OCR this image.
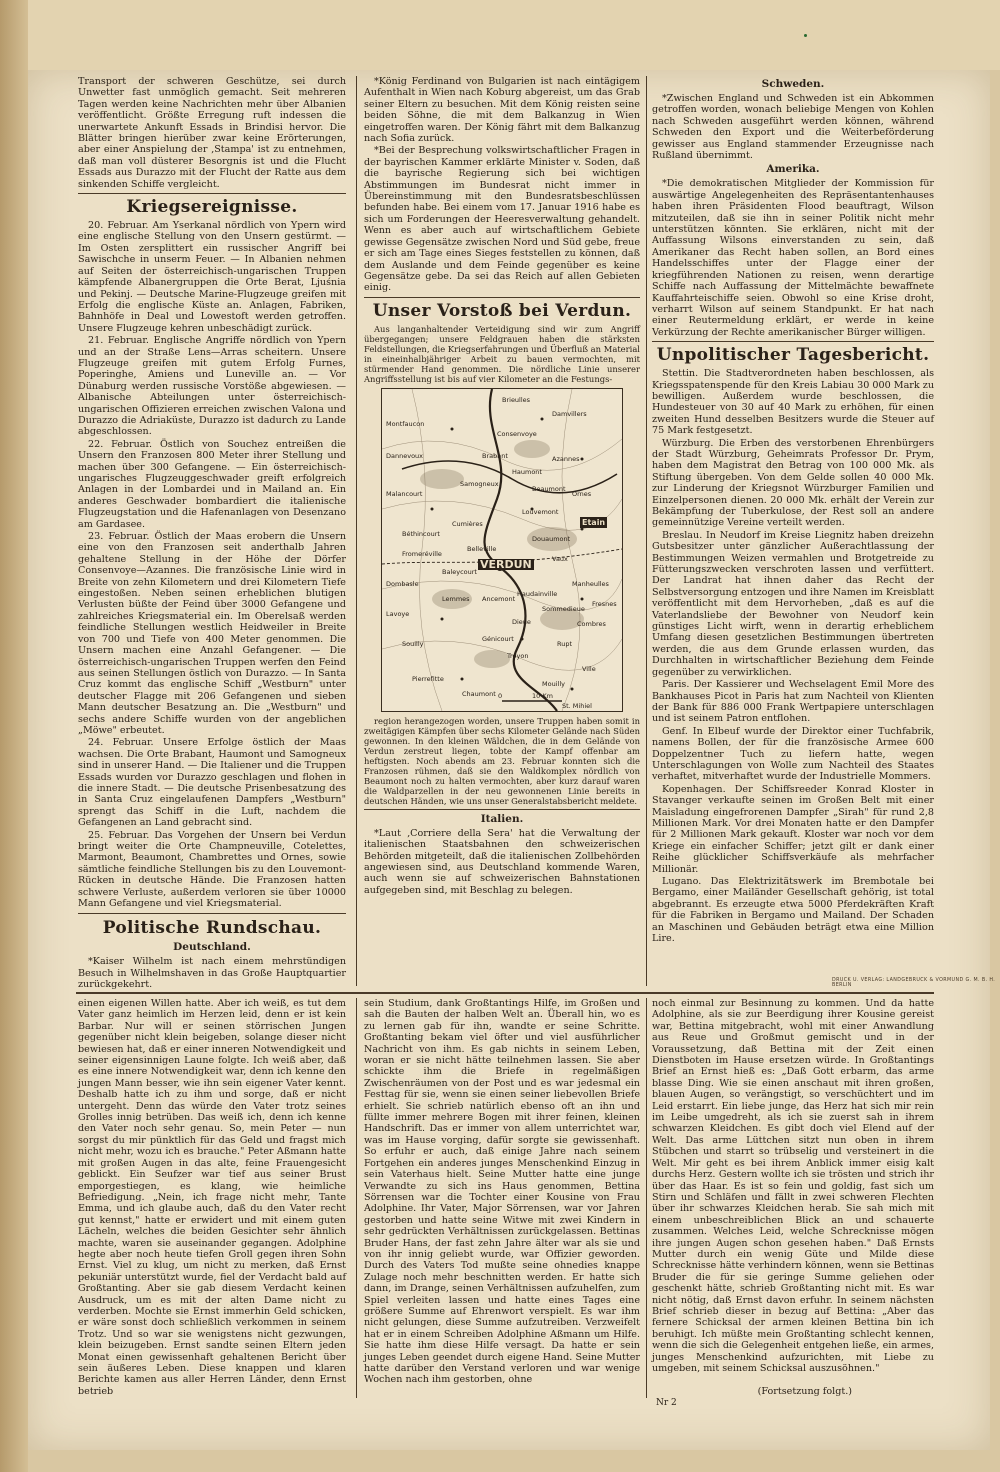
Transport der schweren Geschütze, sei durch Unwetter fast unmöglich gemacht. Seit mehreren Tagen werden keine Nachrichten mehr über Albanien veröffentlicht. Größte Erregung ruft indessen die unerwartete Ankunft Essads in Brindisi hervor. Die Blätter bringen hierüber zwar keine Erörterungen, aber einer Anspielung der ‚Stampa' ist zu entnehmen, daß man voll düsterer Besorgnis ist und die Flucht Essads aus Durazzo mit der Flucht der Ratte aus dem sinkenden Schiffe vergleicht.

Kriegsereignisse.

20. Februar. Am Yserkanal nördlich von Ypern wird eine englische Stellung von den Unsern gestürmt. — Im Osten zersplittert ein russischer Angriff bei Sawischche in unserm Feuer. — In Albanien nehmen auf Seiten der österreichisch-ungarischen Truppen kämpfende Albanergruppen die Orte Berat, Ljuśnia und Pekinj. — Deutsche Marine-Flugzeuge greifen mit Erfolg die englische Küste an. Anlagen, Fabriken, Bahnhöfe in Deal und Lowestoft werden getroffen. Unsere Flugzeuge kehren unbeschädigt zurück.

21. Februar. Englische Angriffe nördlich von Ypern und an der Straße Lens—Arras scheitern. Unsere Flugzeuge greifen mit gutem Erfolg Furnes, Poperinghe, Amiens und Luneville an. — Vor Dünaburg werden russische Vorstöße abgewiesen. — Albanische Abteilungen unter österreichisch-ungarischen Offizieren erreichen zwischen Valona und Durazzo die Adriaküste, Durazzo ist dadurch zu Lande abgeschlossen.

22. Februar. Östlich von Souchez entreißen die Unsern den Franzosen 800 Meter ihrer Stellung und machen über 300 Gefangene. — Ein österreichisch-ungarisches Flugzeuggeschwader greift erfolgreich Anlagen in der Lombardei und in Mailand an. Ein anderes Geschwader bombardiert die italienische Flugzeugstation und die Hafenanlagen von Desenzano am Gardasee.

23. Februar. Östlich der Maas erobern die Unsern eine von den Franzosen seit anderthalb Jahren gehaltene Stellung in der Höhe der Dörfer Consenvoye—Azannes. Die französische Linie wird in Breite von zehn Kilometern und drei Kilometern Tiefe eingestoßen. Neben seinen erheblichen blutigen Verlusten büßte der Feind über 3000 Gefangene und zahlreiches Kriegsmaterial ein. Im Oberelsaß werden feindliche Stellungen westlich Heidweiler in Breite von 700 und Tiefe von 400 Meter genommen. Die Unsern machen eine Anzahl Gefangener. — Die österreichisch-ungarischen Truppen werfen den Feind aus seinen Stellungen östlich von Durazzo. — In Santa Cruz kommt das englische Schiff „Westburn" unter deutscher Flagge mit 206 Gefangenen und sieben Mann deutscher Besatzung an. Die „Westburn" und sechs andere Schiffe wurden von der angeblichen „Möwe" erbeutet.

24. Februar. Unsere Erfolge östlich der Maas wachsen. Die Orte Brabant, Haumont und Samogneux sind in unserer Hand. — Die Italiener und die Truppen Essads wurden vor Durazzo geschlagen und flohen in die innere Stadt. — Die deutsche Prisenbesatzung des in Santa Cruz eingelaufenen Dampfers „Westburn" sprengt das Schiff in die Luft, nachdem die Gefangenen an Land gebracht sind.

25. Februar. Das Vorgehen der Unsern bei Verdun bringt weiter die Orte Champneuville, Cotelettes, Marmont, Beaumont, Chambrettes und Ornes, sowie sämtliche feindliche Stellungen bis zu den Louvemont-Rücken in deutsche Hände. Die Franzosen hatten schwere Verluste, außerdem verloren sie über 10000 Mann Gefangene und viel Kriegsmaterial.

Politische Rundschau.
Deutschland.

*Kaiser Wilhelm ist nach einem mehrstündigen Besuch in Wilhelmshaven in das Große Hauptquartier zurückgekehrt.

*König Ferdinand von Bulgarien ist nach eintägigem Aufenthalt in Wien nach Koburg abgereist, um das Grab seiner Eltern zu besuchen. Mit dem König reisten seine beiden Söhne, die mit dem Balkanzug in Wien eingetroffen waren. Der König fährt mit dem Balkanzug nach Sofia zurück.

*Bei der Besprechung volkswirtschaftlicher Fragen in der bayrischen Kammer erklärte Minister v. Soden, daß die bayrische Regierung sich bei wichtigen Abstimmungen im Bundesrat nicht immer in Übereinstimmung mit den Bundesratsbeschlüssen befunden habe. Bei einem vom 17. Januar 1916 habe es sich um Forderungen der Heeresverwaltung gehandelt. Wenn es aber auch auf wirtschaftlichem Gebiete gewisse Gegensätze zwischen Nord und Süd gebe, freue er sich am Tage eines Sieges feststellen zu können, daß dem Auslande und dem Feinde gegenüber es keine Gegensätze gebe. Da sei das Reich auf allen Gebieten einig.

Unser Vorstoß bei Verdun.

Aus langanhaltender Verteidigung sind wir zum Angriff übergegangen; unsere Feldgrauen haben die stärksten Feldstellungen, die Kriegserfahrungen und Überfluß an Material in eineinhalbjähriger Arbeit zu bauen vermochten, mit stürmender Hand genommen. Die nördliche Linie unserer Angriffsstellung ist bis auf vier Kilometer an die Festungs-

Brieulles
Ornes
Damvillers
Consenvoye
Azannes
Dannevoux	Brabant
Haumont
Samogneux
Beaumont
Louvemont
Montfaucon
Etain
Malancourt
Béthincourt
Cumières
Douaumont
Vaux
Fromeréville
Belleville
Haudainville
Sommedieue
Dieue
Génicourt
Souilly
Troyon
Rupt
Combres
Manheulles
Fresnes
Ancemont
Lemmes
Ville
Baleycourt
Chaumont
St. Mihiel
Mouilly
Lavoye
Pierrefitte
Dombasle
VERDUN
0	10 Km

region herangezogen worden, unsere Truppen haben somit in zweitägigen Kämpfen über sechs Kilometer Gelände nach Süden gewonnen. In den kleinen Wäldchen, die in dem Gelände von Verdun zerstreut liegen, tobte der Kampf offenbar am heftigsten. Noch abends am 23. Februar konnten sich die Franzosen rühmen, daß sie den Waldkomplex nördlich von Beaumont noch zu halten vermochten, aber kurz darauf waren die Waldparzellen in der neu gewonnenen Linie bereits in deutschen Händen, wie uns unser Generalstabsbericht meldete.

Italien.

*Laut ‚Corriere della Sera' hat die Verwaltung der italienischen Staatsbahnen den schweizerischen Behörden mitgeteilt, daß die italienischen Zollbehörden angewiesen sind, aus Deutschland kommende Waren, auch wenn sie auf schweizerischen Bahnstationen aufgegeben sind, mit Beschlag zu belegen.

Schweden.

*Zwischen England und Schweden ist ein Abkommen getroffen worden, wonach beliebige Mengen von Kohlen nach Schweden ausgeführt werden können, während Schweden den Export und die Weiterbeförderung gewisser aus England stammender Erzeugnisse nach Rußland übernimmt.

Amerika.

*Die demokratischen Mitglieder der Kommission für auswärtige Angelegenheiten des Repräsentantenhauses haben ihren Präsidenten Flood beauftragt, Wilson mitzuteilen, daß sie ihn in seiner Politik nicht mehr unterstützen könnten. Sie erklären, nicht mit der Auffassung Wilsons einverstanden zu sein, daß Amerikaner das Recht haben sollen, an Bord eines Handelsschiffes unter der Flagge einer der kriegführenden Nationen zu reisen, wenn derartige Schiffe nach Auffassung der Mittelmächte bewaffnete Kauffahrteischiffe seien. Obwohl so eine Krise droht, verharrt Wilson auf seinem Standpunkt. Er hat nach einer Reutermeldung erklärt, er werde in keine Verkürzung der Rechte amerikanischer Bürger willigen.

Unpolitischer Tagesbericht.

Stettin. Die Stadtverordneten haben beschlossen, als Kriegsspatenspende für den Kreis Labiau 30 000 Mark zu bewilligen. Außerdem wurde beschlossen, die Hundesteuer von 30 auf 40 Mark zu erhöhen, für einen zweiten Hund desselben Besitzers wurde die Steuer auf 75 Mark festgesetzt.

Würzburg. Die Erben des verstorbenen Ehrenbürgers der Stadt Würzburg, Geheimrats Professor Dr. Prym, haben dem Magistrat den Betrag von 100 000 Mk. als Stiftung übergeben. Von dem Gelde sollen 40 000 Mk. zur Linderung der Kriegsnot Würzburger Familien und Einzelpersonen dienen. 20 000 Mk. erhält der Verein zur Bekämpfung der Tuberkulose, der Rest soll an andere gemeinnützige Vereine verteilt werden.

Breslau. In Neudorf im Kreise Liegnitz haben dreizehn Gutsbesitzer unter gänzlicher Außerachtlassung der Bestimmungen Weizen vermahlen und Brotgetreide zu Fütterungszwecken verschroten lassen und verfüttert. Der Landrat hat ihnen daher das Recht der Selbstversorgung entzogen und ihre Namen im Kreisblatt veröffentlicht mit dem Hervorheben, „daß es auf die Vaterlandsliebe der Bewohner von Neudorf kein günstiges Licht wirft, wenn in derartig erheblichem Umfang diesen gesetzlichen Bestimmungen übertreten werden, die aus dem Grunde erlassen wurden, das Durchhalten in wirtschaftlicher Beziehung dem Feinde gegenüber zu verwirklichen.

Paris. Der Kassierer und Wechselagent Emil More des Bankhauses Picot in Paris hat zum Nachteil von Klienten der Bank für 886 000 Frank Wertpapiere unterschlagen und ist seinem Patron entflohen.

Genf. In Elbeuf wurde der Direktor einer Tuchfabrik, namens Bollen, der für die französische Armee 600 Doppelzentner Tuch zu liefern hatte, wegen Unterschlagungen von Wolle zum Nachteil des Staates verhaftet, mitverhaftet wurde der Industrielle Mommers.

Kopenhagen. Der Schiffsreeder Konrad Kloster in Stavanger verkaufte seinen im Großen Belt mit einer Maisladung eingefrorenen Dampfer „Sirah" für rund 2,8 Millionen Mark. Vor drei Monaten hatte er den Dampfer für 2 Millionen Mark gekauft. Kloster war noch vor dem Kriege ein einfacher Schiffer; jetzt gilt er dank einer Reihe glücklicher Schiffsverkäufe als mehrfacher Millionär.

Lugano. Das Elektrizitätswerk im Brembotale bei Bergamo, einer Mailänder Gesellschaft gehörig, ist total abgebrannt. Es erzeugte etwa 5000 Pferdekräften Kraft für die Fabriken in Bergamo und Mailand. Der Schaden an Maschinen und Gebäuden beträgt etwa eine Million Lire.

DRUCK U. VERLAG: LANDGEBRUCK & VORMUND G. M. B. H. BERLIN

einen eigenen Willen hatte. Aber ich weiß, es tut dem Vater ganz heimlich im Herzen leid, denn er ist kein Barbar. Nur will er seinen störrischen Jungen gegenüber nicht klein beigeben, solange dieser nicht bewiesen hat, daß er einer inneren Notwendigkeit und seiner eigensinnigen Laune folgte. Ich weiß aber, daß es eine innere Notwendigkeit war, denn ich kenne den jungen Mann besser, wie ihn sein eigener Vater kennt. Deshalb hatte ich zu ihm und sorge, daß er nicht untergeht. Denn das würde den Vater trotz seines Grolles innig betrüben. Das weiß ich, denn ich kenne den Vater noch sehr genau. So, mein Peter — nun sorgst du mir pünktlich für das Geld und fragst mich nicht mehr, wozu ich es brauche." Peter Aßmann hatte mit großen Augen in das alte, feine Frauengesicht geblickt. Ein Seufzer war tief aus seiner Brust emporgestiegen, es klang, wie heimliche Befriedigung. „Nein, ich frage nicht mehr, Tante Emma, und ich glaube auch, daß du den Vater recht gut kennst," hatte er erwidert und mit einem guten Lächeln, welches die beiden Gesichter sehr ähnlich machte, waren sie auseinander gegangen. Adolphine hegte aber noch heute tiefen Groll gegen ihren Sohn Ernst. Viel zu klug, um nicht zu merken, daß Ernst pekuniär unterstützt wurde, fiel der Verdacht bald auf Großtanting. Aber sie gab diesem Verdacht keinen Ausdruck, um es mit der alten Dame nicht zu verderben. Mochte sie Ernst immerhin Geld schicken, er wäre sonst doch schließlich verkommen in seinem Trotz. Und so war sie wenigstens nicht gezwungen, klein beizugeben. Ernst sandte seinen Eltern jeden Monat einen gewissenhaft gehaltenen Bericht über sein äußeres Leben. Diese knappen und klaren Berichte kamen aus aller Herren Länder, denn Ernst betrieb

sein Studium, dank Großtantings Hilfe, im Großen und sah die Bauten der halben Welt an. Überall hin, wo es zu lernen gab für ihn, wandte er seine Schritte. Großtanting bekam viel öfter und viel ausführlicher Nachricht von ihm. Es gab nichts in seinem Leben, woran er sie nicht hätte teilnehmen lassen. Sie aber schickte ihm die Briefe in regelmäßigen Zwischenräumen von der Post und es war jedesmal ein Festtag für sie, wenn sie einen seiner liebevollen Briefe erhielt. Sie schrieb natürlich ebenso oft an ihn und füllte immer mehrere Bogen mit ihrer feinen, kleinen Handschrift. Das er immer von allem unterrichtet war, was im Hause vorging, dafür sorgte sie gewissenhaft. So erfuhr er auch, daß einige Jahre nach seinem Fortgehen ein anderes junges Menschenkind Einzug in sein Vaterhaus hielt. Seine Mutter hatte eine junge Verwandte zu sich ins Haus genommen, Bettina Sörrensen war die Tochter einer Kousine von Frau Adolphine. Ihr Vater, Major Sörrensen, war vor Jahren gestorben und hatte seine Witwe mit zwei Kindern in sehr gedrückten Verhältnissen zurückgelassen. Bettinas Bruder Hans, der fast zehn Jahre älter war als sie und von ihr innig geliebt wurde, war Offizier geworden. Durch des Vaters Tod mußte seine ohnedies knappe Zulage noch mehr beschnitten werden. Er hatte sich dann, im Drange, seinen Verhältnissen aufzuhelfen, zum Spiel verleiten lassen und hatte eines Tages eine größere Summe auf Ehrenwort verspielt. Es war ihm nicht gelungen, diese Summe aufzutreiben. Verzweifelt hat er in einem Schreiben Adolphine Aßmann um Hilfe. Sie hatte ihm diese Hilfe versagt. Da hatte er sein junges Leben geendet durch eigene Hand. Seine Mutter hatte darüber den Verstand verloren und war wenige Wochen nach ihm gestorben, ohne

noch einmal zur Besinnung zu kommen. Und da hatte Adolphine, als sie zur Beerdigung ihrer Kousine gereist war, Bettina mitgebracht, wohl mit einer Anwandlung aus Reue und Großmut gemischt und in der Voraussetzung, daß Bettina mit der Zeit einen Dienstboten im Hause ersetzen würde. In Großtantings Brief an Ernst hieß es: „Daß Gott erbarm, das arme blasse Ding. Wie sie einen anschaut mit ihren großen, blauen Augen, so verängstigt, so verschüchtert und im Leid erstarrt. Ein liebe junge, das Herz hat sich mir rein im Leibe umgedreht, als ich sie zuerst sah in ihrem schwarzen Kleidchen. Es gibt doch viel Elend auf der Welt. Das arme Lüttchen sitzt nun oben in ihrem Stübchen und starrt so trübselig und versteinert in die Welt. Mir geht es bei ihrem Anblick immer eisig kalt durchs Herz. Gestern wollte ich sie trösten und strich ihr über das Haar. Es ist so fein und goldig, fast sich um Stirn und Schläfen und fällt in zwei schweren Flechten über ihr schwarzes Kleidchen herab. Sie sah mich mit einem unbeschreiblichen Blick an und schauerte zusammen. Welches Leid, welche Schrecknisse mögen ihre jungen Augen schon gesehen haben." Daß Ernsts Mutter durch ein wenig Güte und Milde diese Schrecknisse hätte verhindern können, wenn sie Bettinas Bruder die für sie geringe Summe geliehen oder geschenkt hätte, schrieb Großtanting nicht mit. Es war nicht nötig, daß Ernst davon erfuhr. In seinem nächsten Brief schrieb dieser in bezug auf Bettina: „Aber das fernere Schicksal der armen kleinen Bettina bin ich beruhigt. Ich müßte mein Großtanting schlecht kennen, wenn die sich die Gelegenheit entgehen ließe, ein armes, junges Menschenkind aufzurichten, mit Liebe zu umgeben, mit seinem Schicksal auszusöhnen."

(Fortsetzung folgt.)
Nr 2
